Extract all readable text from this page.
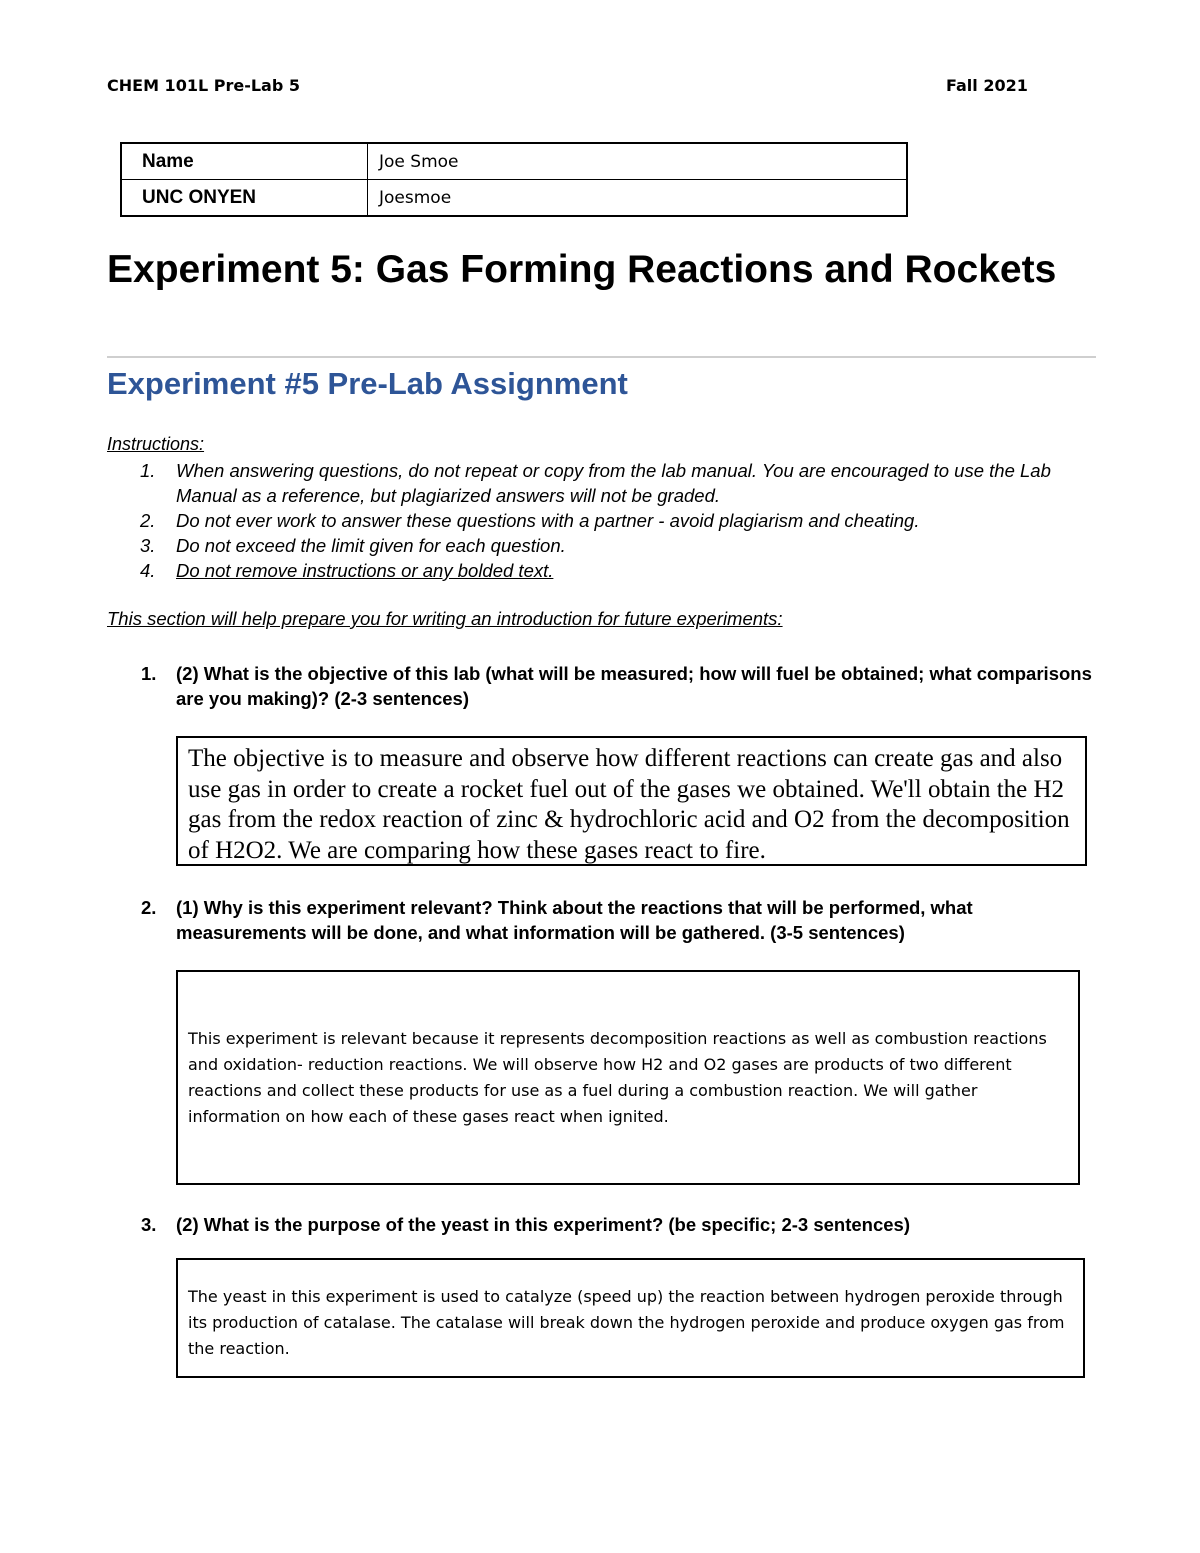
CHEM 101L Pre-Lab 5	Fall 2021
Name	Joe Smoe
UNC ONYEN	Joesmoe
Experiment 5: Gas Forming Reactions and Rockets
Experiment #5 Pre-Lab Assignment
Instructions:
1. When answering questions, do not repeat or copy from the lab manual. You are encouraged to use the Lab Manual as a reference, but plagiarized answers will not be graded.
2. Do not ever work to answer these questions with a partner - avoid plagiarism and cheating.
3. Do not exceed the limit given for each question.
4. Do not remove instructions or any bolded text.
This section will help prepare you for writing an introduction for future experiments:
1.	(2) What is the objective of this lab (what will be measured; how will fuel be obtained; what comparisons are you making)? (2-3 sentences)
The objective is to measure and observe how different reactions can create gas and also use gas in order to create a rocket fuel out of the gases we obtained. We'll obtain the H2 gas from the redox reaction of zinc & hydrochloric acid and O2 from the decomposition of H2O2. We are comparing how these gases react to fire.
2.	(1) Why is this experiment relevant? Think about the reactions that will be performed, what measurements will be done, and what information will be gathered. (3-5 sentences)
This experiment is relevant because it represents decomposition reactions as well as combustion reactions and oxidation- reduction reactions. We will observe how H2 and O2 gases are products of two different reactions and collect these products for use as a fuel during a combustion reaction. We will gather information on how each of these gases react when ignited.
3.	(2) What is the purpose of the yeast in this experiment? (be specific; 2-3 sentences)
The yeast in this experiment is used to catalyze (speed up) the reaction between hydrogen peroxide through its production of catalase. The catalase will break down the hydrogen peroxide and produce oxygen gas from the reaction.
